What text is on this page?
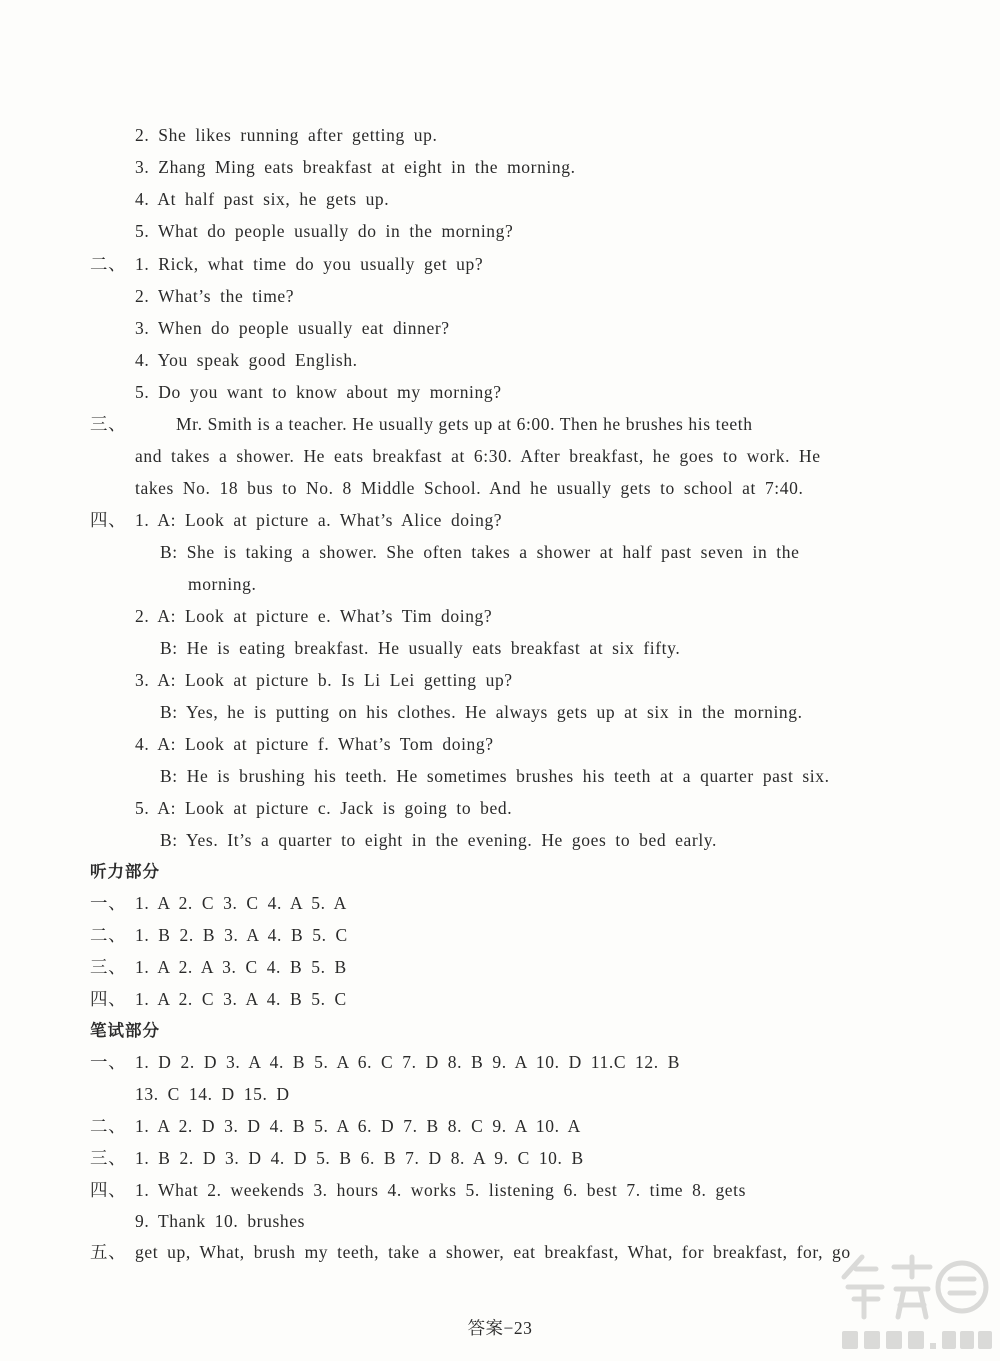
2. She likes running after getting up.
3. Zhang Ming eats breakfast at eight in the morning.
4. At half past six, he gets up.
5. What do people usually do in the morning?
二、 1. Rick, what time do you usually get up?
2. What’s the time?
3. When do people usually eat dinner?
4. You speak good English.
5. Do you want to know about my morning?
三、	Mr. Smith is a teacher. He usually gets up at 6:00. Then he brushes his teeth
and takes a shower. He eats breakfast at 6:30. After breakfast, he goes to work. He
takes No. 18 bus to No. 8 Middle School. And he usually gets to school at 7:40.
四、 1. A: Look at picture a. What’s Alice doing?
B: She is taking a shower. She often takes a shower at half past seven in the
morning.
2. A: Look at picture e. What’s Tim doing?
B: He is eating breakfast. He usually eats breakfast at six fifty.
3. A: Look at picture b. Is Li Lei getting up?
B: Yes, he is putting on his clothes. He always gets up at six in the morning.
4. A: Look at picture f. What’s Tom doing?
B: He is brushing his teeth. He sometimes brushes his teeth at a quarter past six.
5. A: Look at picture c. Jack is going to bed.
B: Yes. It’s a quarter to eight in the evening. He goes to bed early.
听力部分
一、 1. A 2. C 3. C 4. A 5. A
二、 1. B 2. B 3. A 4. B 5. C
三、 1. A 2. A 3. C 4. B 5. B
四、 1. A 2. C 3. A 4. B 5. C
笔试部分
一、 1. D 2. D 3. A 4. B 5. A 6. C 7. D 8. B 9. A 10. D 11.C 12. B
13. C 14. D 15. D
二、 1. A 2. D 3. D 4. B 5. A 6. D 7. B 8. C 9. A 10. A
三、 1. B 2. D 3. D 4. D 5. B 6. B 7. D 8. A 9. C 10. B
四、 1. What 2. weekends 3. hours 4. works 5. listening 6. best 7. time 8. gets
9. Thank 10. brushes
五、 get up, What, brush my teeth, take a shower, eat breakfast, What, for breakfast, for, go
答案−23
